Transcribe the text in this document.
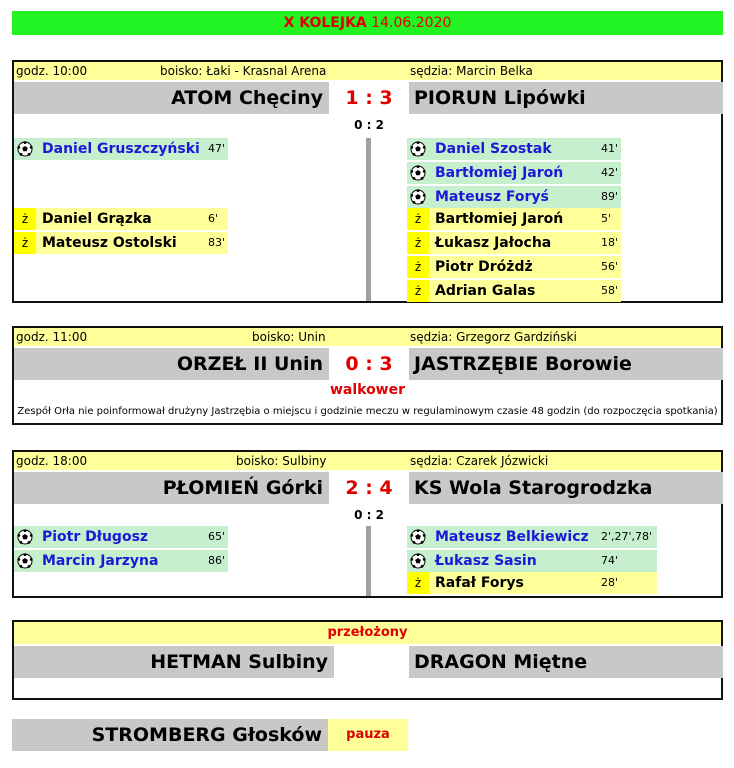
X KOLEJKA 14.06.2020
godz. 10:00	boisko: Łaki - Krasnal Arena	sędzia: Marcin Belka
ATOM Chęciny	1 : 3	PIORUN Lipówki
0 : 2
Daniel Gruszczyński 47'
ż Daniel Grązka	6'
ż Mateusz Ostolski	83'
Daniel Szostak	41'
Bartłomiej Jaroń	42'
Mateusz Foryś	89'
ż Bartłomiej Jaroń	5'
ż Łukasz Jałocha	18'
ż Piotr Dróżdż	56'
ż Adrian Galas	58'
godz. 11:00	boisko: Unin	sędzia: Grzegorz Gardziński
ORZEŁ II Unin	0 : 3	JASTRZĘBIE Borowie
walkower
Zespół Orła nie poinformował drużyny Jastrzębia o miejscu i godzinie meczu w regulaminowym czasie 48 godzin (do rozpoczęcia spotkania)
godz. 18:00	boisko: Sulbiny	sędzia: Czarek Józwicki
PŁOMIEŃ Górki	2 : 4	KS Wola Starogrodzka
0 : 2
Piotr Długosz	65'
Marcin Jarzyna	86'
Mateusz Belkiewicz	2',27',78'
Łukasz Sasin	74'
ż Rafał Forys	28'
przełożony
HETMAN Sulbiny	DRAGON Miętne
STROMBERG Głosków	pauza
